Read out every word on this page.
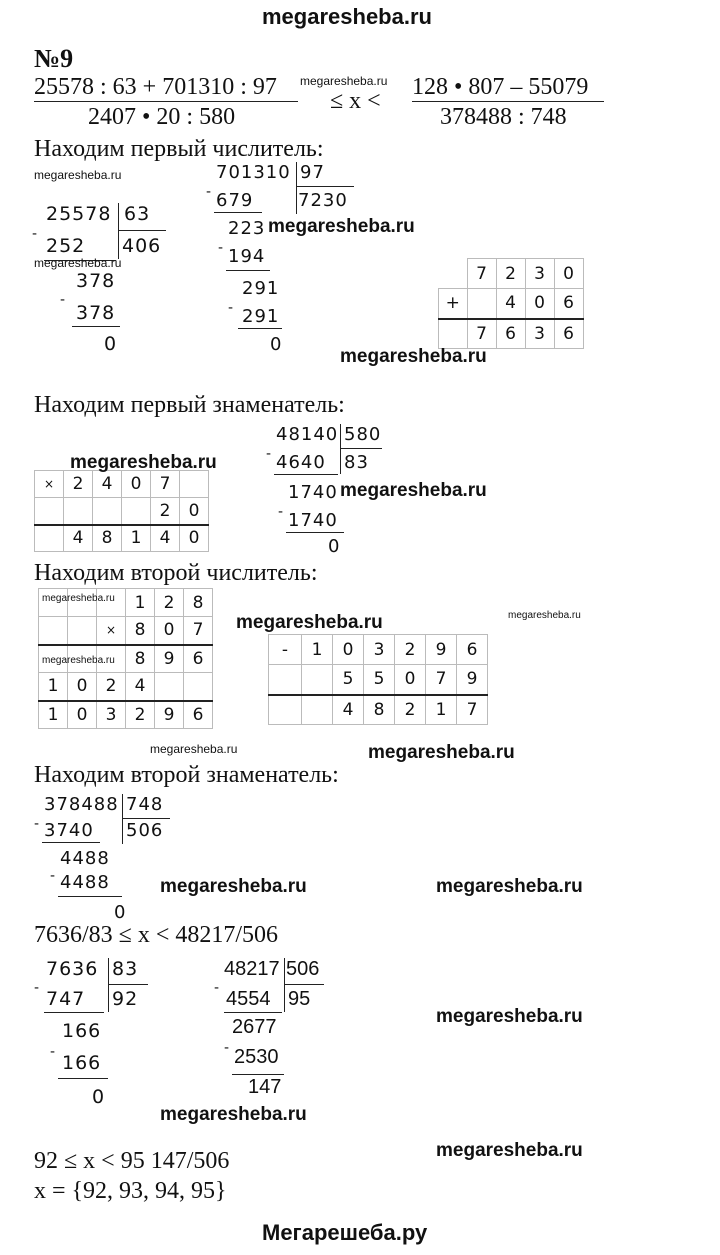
megaresheba.ru
Мегарешеба.ру
№9
25578 : 63 + 701310 : 97
2407 • 20 : 580
megaresheba.ru
≤ x <
128 • 807 – 55079
378488 : 748
Находим первый числитель:
megaresheba.ru
25578 63
406
-
252
megaresheba.ru
378
-
378
0
701310 97
7230
- 679
223 megaresheba.ru
- 194
291
- 291
0
	7	2	3	0
+		4	0	6
	7	6	3	6
megaresheba.ru
Находим первый знаменатель:
×	2	4	0	7	
				2	0
	4	8	1	4	0
megaresheba.ru
48140 580
83
- 4640
1740 megaresheba.ru
- 1740
0
Находим второй числитель:
			1	2	8
		×	8	0	7
			8	9	6
1	0	2	4		
1	0	3	2	9	6
megaresheba.ru
megaresheba.ru
megaresheba.ru	megaresheba.ru
-	1	0	3	2	9	6
		5	5	0	7	9
		4	8	2	1	7
megaresheba.ru	megaresheba.ru
Находим второй знаменатель:
378488 748
506
- 3740
4488
- 4488
0
megaresheba.ru	megaresheba.ru
7636/83 ≤ x < 48217/506
7636 83
92
- 747
166
- 166
0
48217 506
95
- 4554
2677
- 2530
147
megaresheba.ru
megaresheba.ru
megaresheba.ru
92 ≤ x < 95 147/506
x = {92, 93, 94, 95}
